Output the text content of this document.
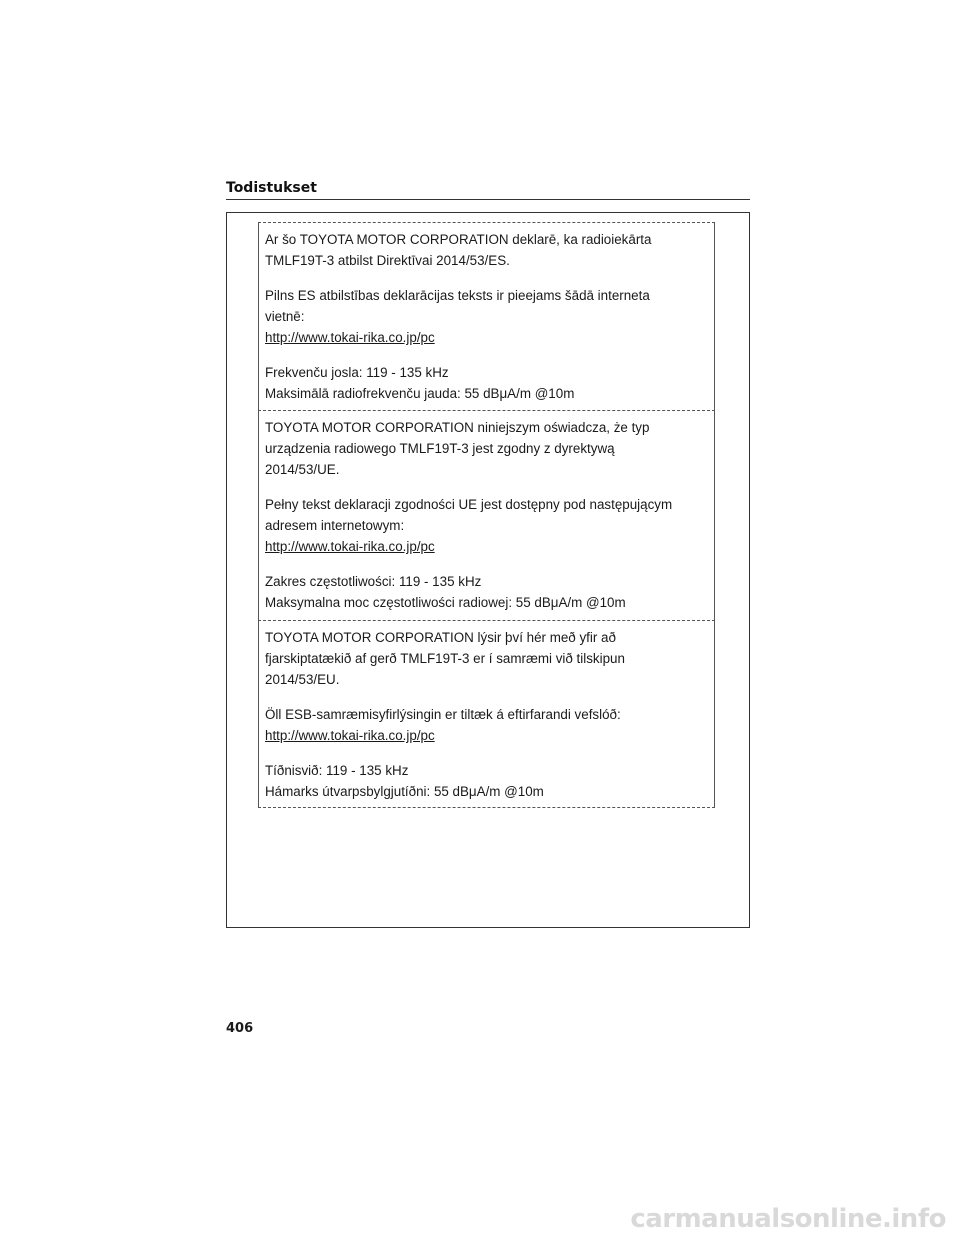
Todistukset

Ar šo TOYOTA MOTOR CORPORATION deklarē, ka radioiekārta
TMLF19T-3 atbilst Direktīvai 2014/53/ES.

Pilns ES atbilstības deklarācijas teksts ir pieejams šādā interneta
vietnē:
http://www.tokai-rika.co.jp/pc

Frekvenču josla: 119 - 135 kHz
Maksimālā radiofrekvenču jauda: 55 dBμA/m @10m

TOYOTA MOTOR CORPORATION niniejszym oświadcza, że typ
urządzenia radiowego TMLF19T-3 jest zgodny z dyrektywą
2014/53/UE.

Pełny tekst deklaracji zgodności UE jest dostępny pod następującym
adresem internetowym:
http://www.tokai-rika.co.jp/pc

Zakres częstotliwości: 119 - 135 kHz
Maksymalna moc częstotliwości radiowej: 55 dBμA/m @10m

TOYOTA MOTOR CORPORATION lýsir því hér með yfir að
fjarskiptatækið af gerð TMLF19T-3 er í samræmi við tilskipun
2014/53/EU.

Öll ESB-samræmisyfirlýsingin er tiltæk á eftirfarandi vefslóð:
http://www.tokai-rika.co.jp/pc

Tíðnisvið: 119 - 135 kHz
Hámarks útvarpsbylgjutíðni: 55 dBμA/m @10m

406
carmanualsonline.info
